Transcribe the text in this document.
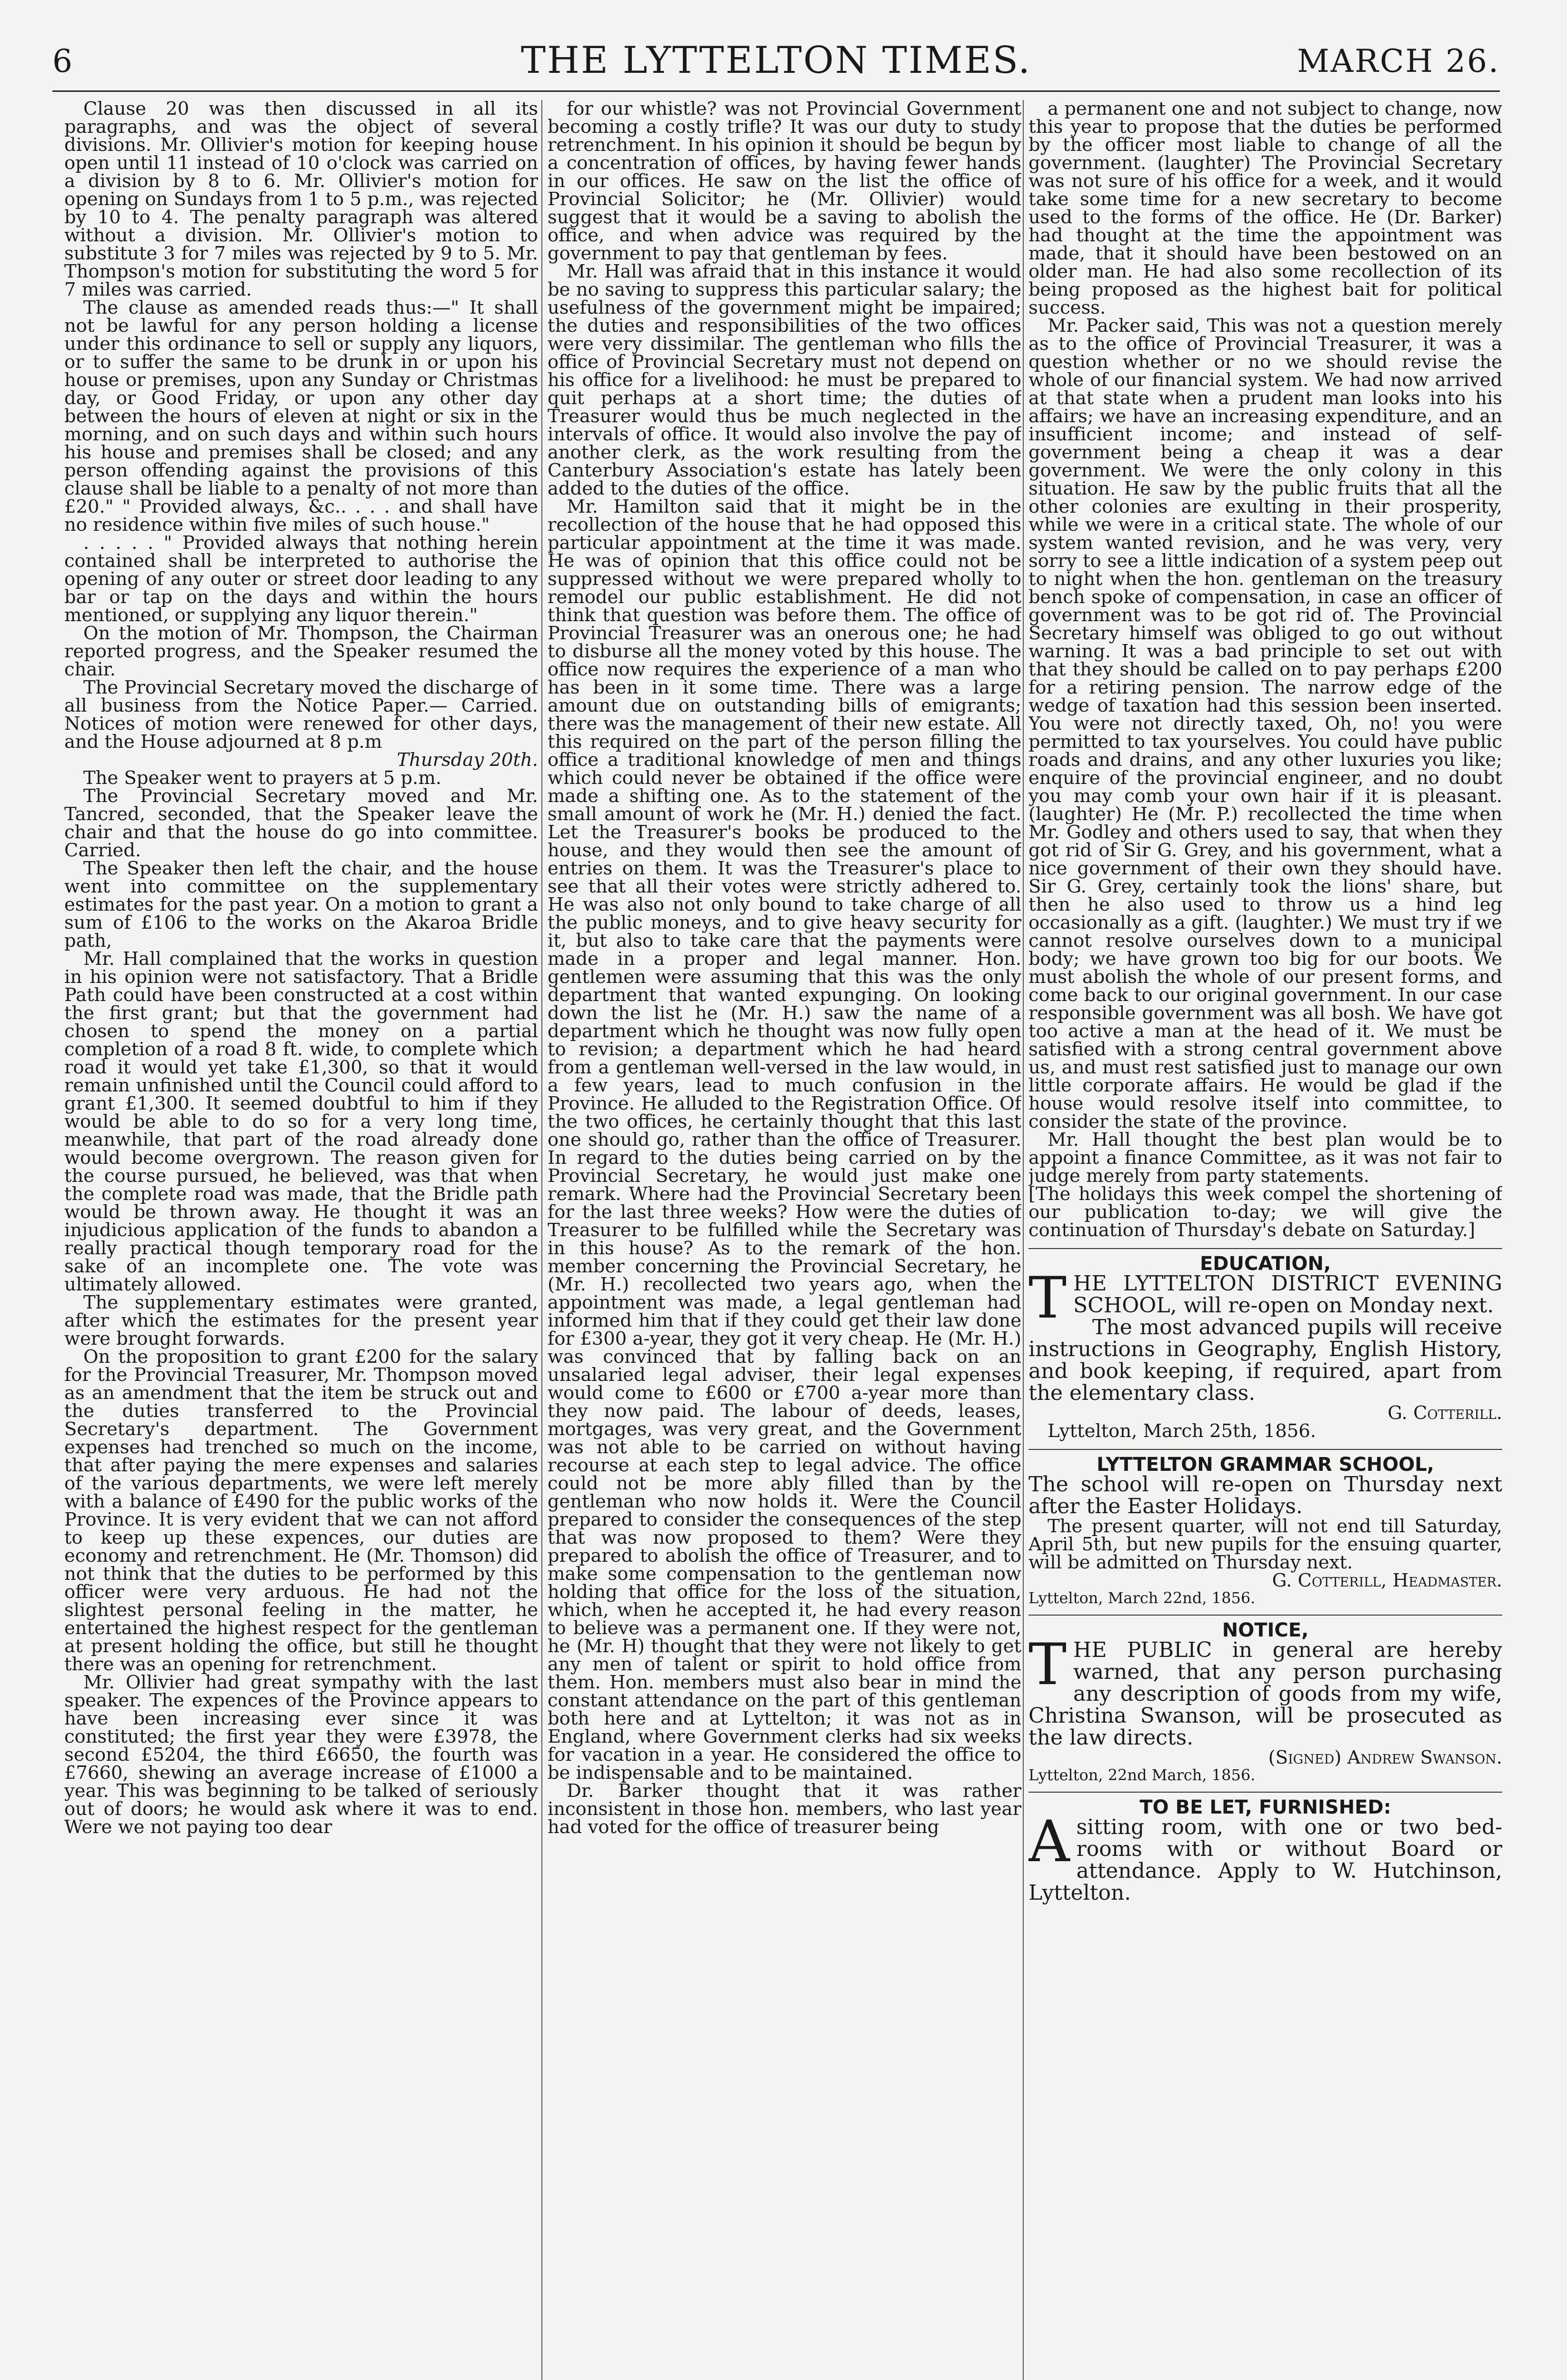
6	THE LYTTELTON TIMES.	MARCH 26.

Clause 20 was then discussed in all its paragraphs, and was the object of several divisions. Mr. Ollivier's motion for keeping house open until 11 instead of 10 o'clock was carried on a division by 8 to 6. Mr. Ollivier's motion for opening on Sundays from 1 to 5 p.m., was rejected by 10 to 4. The penalty paragraph was altered without a division. Mr. Ollivier's motion to substitute 3 for 7 miles was rejected by 9 to 5. Mr. Thompson's motion for substituting the word 5 for 7 miles was carried.

The clause as amended reads thus:—" It shall not be lawful for any person holding a license under this ordinance to sell or supply any liquors, or to suffer the same to be drunk in or upon his house or premises, upon any Sunday or Christmas day, or Good Friday, or upon any other day between the hours of eleven at night or six in the morning, and on such days and within such hours his house and premises shall be closed; and any person offending against the provisions of this clause shall be liable to a penalty of not more than £20." " Provided always, &c.. . . . and shall have no residence within five miles of such house."

. . . . . " Provided always that nothing herein contained shall be interpreted to authorise the opening of any outer or street door leading to any bar or tap on the days and within the hours mentioned, or supplying any liquor therein."

On the motion of Mr. Thompson, the Chairman reported progress, and the Speaker resumed the chair.

The Provincial Secretary moved the discharge of all business from the Notice Paper.— Carried. Notices of motion were renewed for other days, and the House adjourned at 8 p.m

Thursday 20th.

The Speaker went to prayers at 5 p.m.

The Provincial Secretary moved and Mr. Tancred, seconded, that the Speaker leave the chair and that the house do go into committee. Carried.

The Speaker then left the chair, and the house went into committee on the supplementary estimates for the past year. On a motion to grant a sum of £106 to the works on the Akaroa Bridle path,

Mr. Hall complained that the works in question in his opinion were not satisfactory. That a Bridle Path could have been constructed at a cost within the first grant; but that the government had chosen to spend the money on a partial completion of a road 8 ft. wide, to complete which road it would yet take £1,300, so that it would remain unfinished until the Council could afford to grant £1,300. It seemed doubtful to him if they would be able to do so for a very long time, meanwhile, that part of the road already done would become overgrown. The reason given for the course pursued, he believed, was that when the complete road was made, that the Bridle path would be thrown away. He thought it was an injudicious application of the funds to abandon a really practical though temporary road for the sake of an incomplete one. The vote was ultimately allowed.

The supplementary estimates were granted, after which the estimates for the present year were brought forwards.

On the proposition to grant £200 for the salary for the Provincial Treasurer, Mr. Thompson moved as an amendment that the item be struck out and the duties transferred to the Provincial Secretary's department. The Government expenses had trenched so much on the income, that after paying the mere expenses and salaries of the various departments, we were left merely with a balance of £490 for the public works of the Province. It is very evident that we can not afford to keep up these expences, our duties are economy and retrenchment. He (Mr. Thomson) did not think that the duties to be performed by this officer were very arduous. He had not the slightest personal feeling in the matter, he entertained the highest respect for the gentleman at present holding the office, but still he thought there was an opening for retrenchment.

Mr. Ollivier had great sympathy with the last speaker. The expences of the Province appears to have been increasing ever since it was constituted; the first year they were £3978, the second £5204, the third £6650, the fourth was £7660, shewing an average increase of £1000 a year. This was beginning to be talked of seriously out of doors; he would ask where it was to end. Were we not paying too dear

for our whistle? was not Provincial Government becoming a costly trifle? It was our duty to study retrenchment. In his opinion it should be begun by a concentration of offices, by having fewer hands in our offices. He saw on the list the office of Provincial Solicitor; he (Mr. Ollivier) would suggest that it would be a saving to abolish the office, and when advice was required by the government to pay that gentleman by fees.

Mr. Hall was afraid that in this instance it would be no saving to suppress this particular salary; the usefulness of the government might be impaired; the duties and responsibilities of the two offices were very dissimilar. The gentleman who fills the office of Provincial Secretary must not depend on his office for a livelihood: he must be prepared to quit perhaps at a short time; the duties of Treasurer would thus be much neglected in the intervals of office. It would also involve the pay of another clerk, as the work resulting from the Canterbury Association's estate has lately been added to the duties of the office.

Mr. Hamilton said that it might be in the recollection of the house that he had opposed this particular appointment at the time it was made. He was of opinion that this office could not be suppressed without we were prepared wholly to remodel our public establishment. He did not think that question was before them. The office of Provincial Treasurer was an onerous one; he had to disburse all the money voted by this house. The office now requires the experience of a man who has been in it some time. There was a large amount due on outstanding bills of emigrants; there was the management of their new estate. All this required on the part of the person filling the office a traditional knowledge of men and things which could never be obtained if the office were made a shifting one. As to the statement of the small amount of work he (Mr. H.) denied the fact. Let the Treasurer's books be produced to the house, and they would then see the amount of entries on them. It was the Treasurer's place to see that all their votes were strictly adhered to. He was also not only bound to take charge of all the public moneys, and to give heavy security for it, but also to take care that the payments were made in a proper and legal manner. Hon. gentlemen were assuming that this was the only department that wanted expunging. On looking down the list he (Mr. H.) saw the name of a department which he thought was now fully open to revision; a department which he had heard from a gentleman well-versed in the law would, in a few years, lead to much confusion in the Province. He alluded to the Registration Office. Of the two offices, he certainly thought that this last one should go, rather than the office of Treasurer. In regard to the duties being carried on by the Provincial Secretary, he would just make one remark. Where had the Provincial Secretary been for the last three weeks? How were the duties of Treasurer to be fulfilled while the Secretary was in this house? As to the remark of the hon. member concerning the Provincial Secretary, he (Mr. H.) recollected two years ago, when the appointment was made, a legal gentleman had informed him that if they could get their law done for £300 a-year, they got it very cheap. He (Mr. H.) was convinced that by falling back on an unsalaried legal adviser, their legal expenses would come to £600 or £700 a-year more than they now paid. The labour of deeds, leases, mortgages, was very great, and the Government was not able to be carried on without having recourse at each step to legal advice. The office could not be more ably filled than by the gentleman who now holds it. Were the Council prepared to consider the consequences of the step that was now proposed to them? Were they prepared to abolish the office of Treasurer, and to make some compensation to the gentleman now holding that office for the loss of the situation, which, when he accepted it, he had every reason to believe was a permanent one. If they were not, he (Mr. H) thought that they were not likely to get any men of talent or spirit to hold office from them. Hon. members must also bear in mind the constant attendance on the part of this gentleman both here and at Lyttelton; it was not as in England, where Government clerks had six weeks for vacation in a year. He considered the office to be indispensable and to be maintained.

Dr. Barker thought that it was rather inconsistent in those hon. members, who last year had voted for the office of treasurer being

a permanent one and not subject to change, now this year to propose that the duties be performed by the officer most liable to change of all the government. (laughter) The Provincial Secretary was not sure of his office for a week, and it would take some time for a new secretary to become used to the forms of the office. He (Dr. Barker) had thought at the time the appointment was made, that it should have been bestowed on an older man. He had also some recollection of its being proposed as the highest bait for political success.

Mr. Packer said, This was not a question merely as to the office of Provincial Treasurer, it was a question whether or no we should revise the whole of our financial system. We had now arrived at that state when a prudent man looks into his affairs; we have an increasing expenditure, and an insufficient income; and instead of self-government being a cheap it was a dear government. We were the only colony in this situation. He saw by the public fruits that all the other colonies are exulting in their prosperity, while we were in a critical state. The whole of our system wanted revision, and he was very, very sorry to see a little indication of a system peep out to night when the hon. gentleman on the treasury bench spoke of compensation, in case an officer of government was to be got rid of. The Provincial Secretary himself was obliged to go out without warning. It was a bad principle to set out with that they should be called on to pay perhaps £200 for a retiring pension. The narrow edge of the wedge of taxation had this session been inserted. You were not directly taxed, Oh, no! you were permitted to tax yourselves. You could have public roads and drains, and any other luxuries you like; enquire of the provincial engineer, and no doubt you may comb your own hair if it is pleasant. (laughter) He (Mr. P.) recollected the time when Mr. Godley and others used to say, that when they got rid of Sir G. Grey, and his government, what a nice government of their own they should have. Sir G. Grey, certainly took the lions' share, but then he also used to throw us a hind leg occasionally as a gift. (laughter.) We must try if we cannot resolve ourselves down to a municipal body; we have grown too big for our boots. We must abolish the whole of our present forms, and come back to our original government. In our case responsible government was all bosh. We have got too active a man at the head of it. We must be satisfied with a strong central government above us, and must rest satisfied just to manage our own little corporate affairs. He would be glad if the house would resolve itself into committee, to consider the state of the province.

Mr. Hall thought the best plan would be to appoint a finance Committee, as it was not fair to judge merely from party statements.

[The holidays this week compel the shortening of our publication to-day; we will give the continuation of Thursday's debate on Saturday.]

EDUCATION,

THE LYTTELTON DISTRICT EVENING SCHOOL, will re-open on Monday next.

The most advanced pupils will receive instructions in Geography, English History, and book keeping, if required, apart from the elementary class.

G. Cotterill.

Lyttelton, March 25th, 1856.

LYTTELTON GRAMMAR SCHOOL,

The school will re-open on Thursday next after the Easter Holidays.

The present quarter, will not end till Saturday, April 5th, but new pupils for the ensuing quarter, will be admitted on Thursday next.

G. Cotterill, Headmaster.

Lyttelton, March 22nd, 1856.

NOTICE,

THE PUBLIC in general are hereby warned, that any person purchasing any description of goods from my wife, Christina Swanson, will be prosecuted as the law directs.

(Signed) Andrew Swanson.

Lyttelton, 22nd March, 1856.

TO BE LET, FURNISHED:

A sitting room, with one or two bed-rooms with or without Board or attendance. Apply to W. Hutchinson, Lyttelton.
